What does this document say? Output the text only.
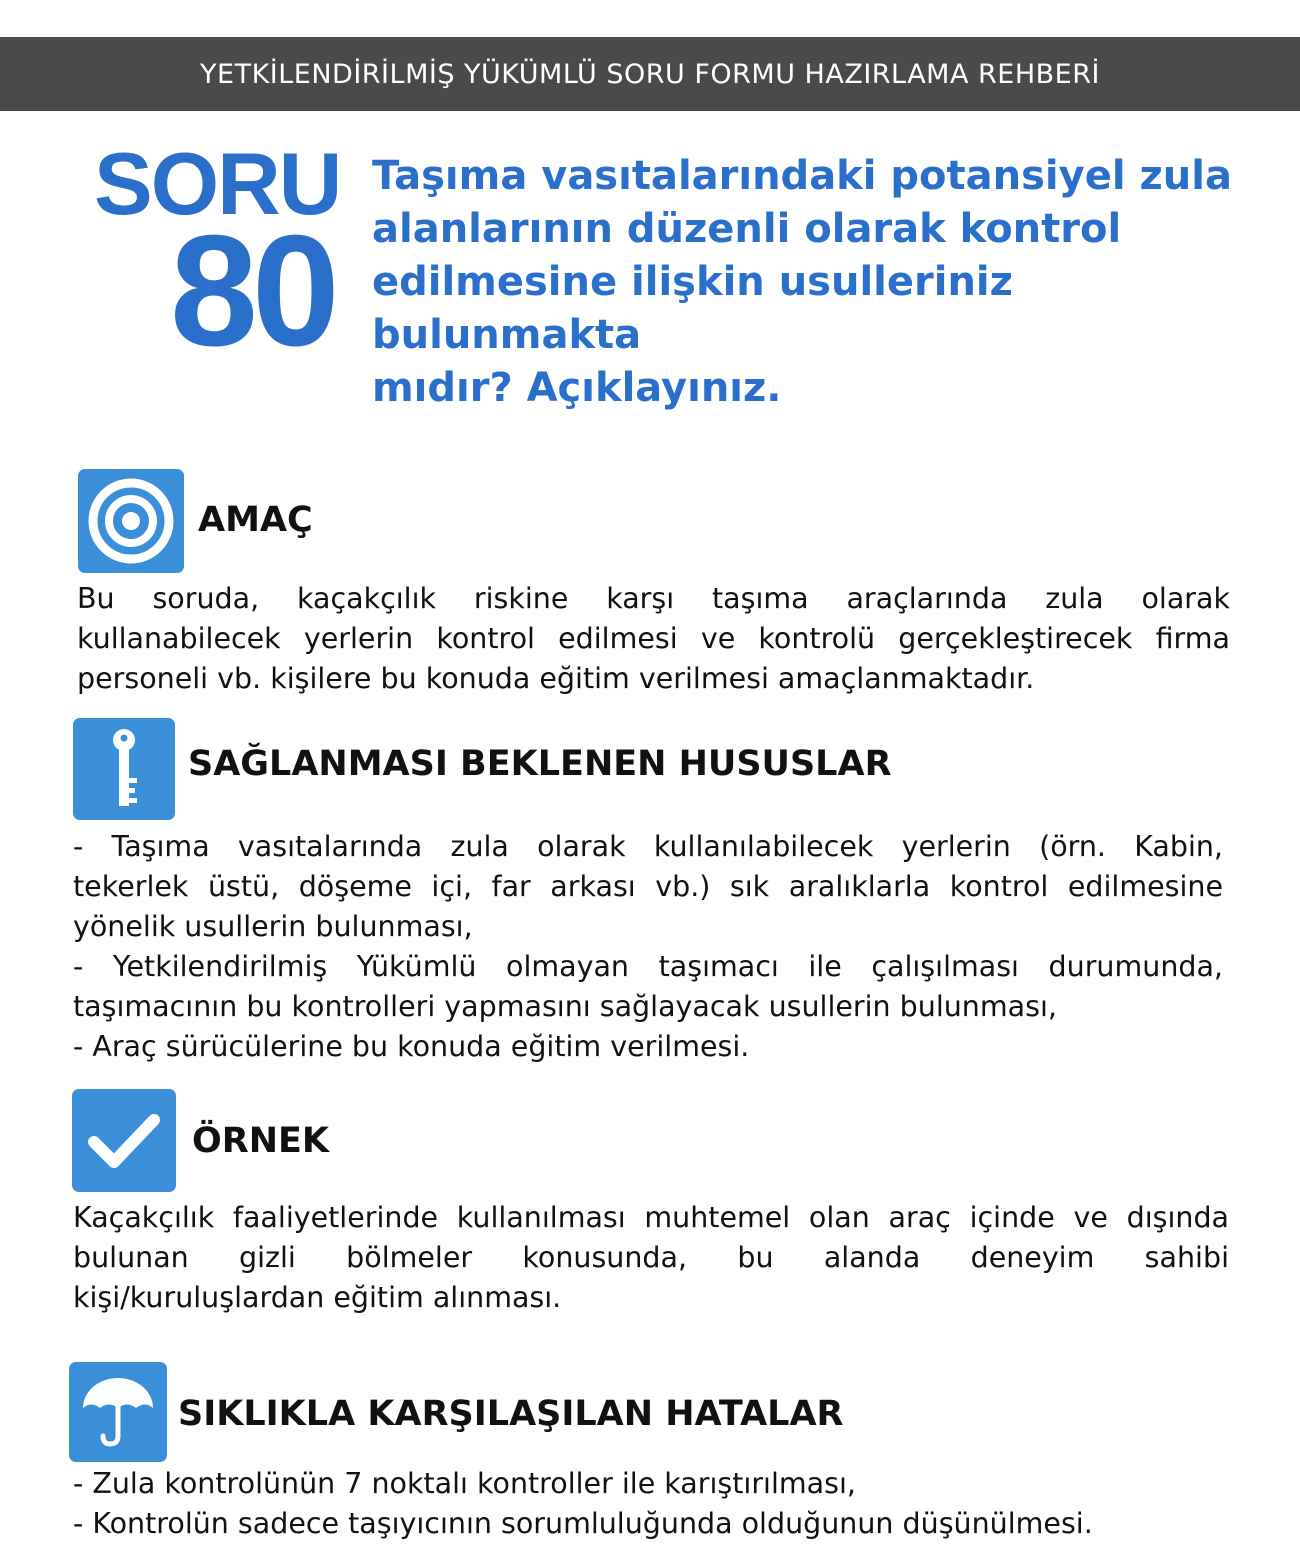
YETKİLENDİRİLMİŞ YÜKÜMLÜ SORU FORMU HAZIRLAMA REHBERİ
SORU
80
Taşıma vasıtalarındaki potansiyel zula
alanlarının düzenli olarak kontrol
edilmesine ilişkin usulleriniz bulunmakta
mıdır? Açıklayınız.
AMAÇ

Bu soruda, kaçakçılık riskine karşı taşıma araçlarında zula olarak
kullanabilecek yerlerin kontrol edilmesi ve kontrolü gerçekleştirecek firma
personeli vb. kişilere bu konuda eğitim verilmesi amaçlanmaktadır.

SAĞLANMASI BEKLENEN HUSUSLAR

- Taşıma vasıtalarında zula olarak kullanılabilecek yerlerin (örn. Kabin,
tekerlek üstü, döşeme içi, far arkası vb.) sık aralıklarla kontrol edilmesine
yönelik usullerin bulunması,
- Yetkilendirilmiş Yükümlü olmayan taşımacı ile çalışılması durumunda,
taşımacının bu kontrolleri yapmasını sağlayacak usullerin bulunması,
- Araç sürücülerine bu konuda eğitim verilmesi.

ÖRNEK

Kaçakçılık faaliyetlerinde kullanılması muhtemel olan araç içinde ve dışında
bulunan gizli bölmeler konusunda, bu alanda deneyim sahibi
kişi/kuruluşlardan eğitim alınması.

SIKLIKLA KARŞILAŞILAN HATALAR

- Zula kontrolünün 7 noktalı kontroller ile karıştırılması,
- Kontrolün sadece taşıyıcının sorumluluğunda olduğunun düşünülmesi.
